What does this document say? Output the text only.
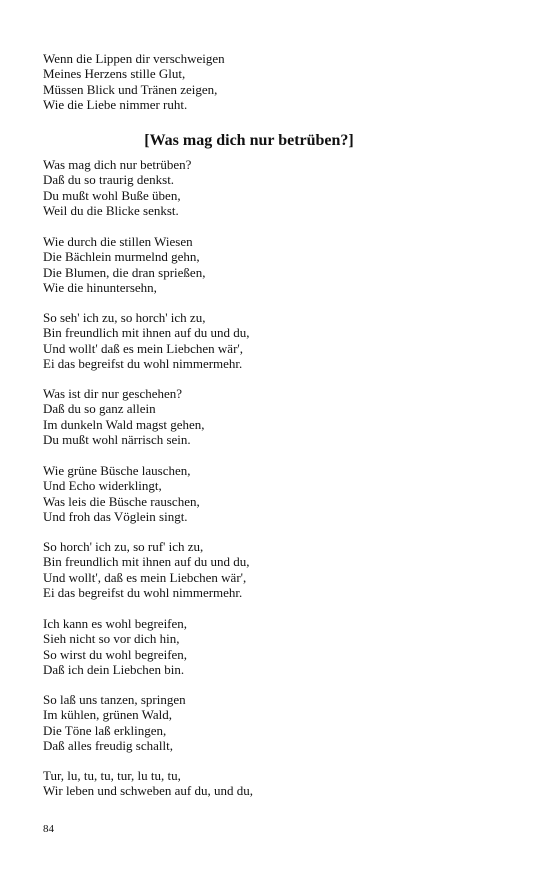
Wenn die Lippen dir verschweigen
Meines Herzens stille Glut,
Müssen Blick und Tränen zeigen,
Wie die Liebe nimmer ruht.
[Was mag dich nur betrüben?]
Was mag dich nur betrüben?
Daß du so traurig denkst.
Du mußt wohl Buße üben,
Weil du die Blicke senkst.
Wie durch die stillen Wiesen
Die Bächlein murmelnd gehn,
Die Blumen, die dran sprießen,
Wie die hinuntersehn,
So seh' ich zu, so horch' ich zu,
Bin freundlich mit ihnen auf du und du,
Und wollt' daß es mein Liebchen wär',
Ei das begreifst du wohl nimmermehr.
Was ist dir nur geschehen?
Daß du so ganz allein
Im dunkeln Wald magst gehen,
Du mußt wohl närrisch sein.
Wie grüne Büsche lauschen,
Und Echo widerklingt,
Was leis die Büsche rauschen,
Und froh das Vöglein singt.
So horch' ich zu, so ruf' ich zu,
Bin freundlich mit ihnen auf du und du,
Und wollt', daß es mein Liebchen wär',
Ei das begreifst du wohl nimmermehr.
Ich kann es wohl begreifen,
Sieh nicht so vor dich hin,
So wirst du wohl begreifen,
Daß ich dein Liebchen bin.
So laß uns tanzen, springen
Im kühlen, grünen Wald,
Die Töne laß erklingen,
Daß alles freudig schallt,
Tur, lu, tu, tu, tur, lu tu, tu,
Wir leben und schweben auf du, und du,
84
